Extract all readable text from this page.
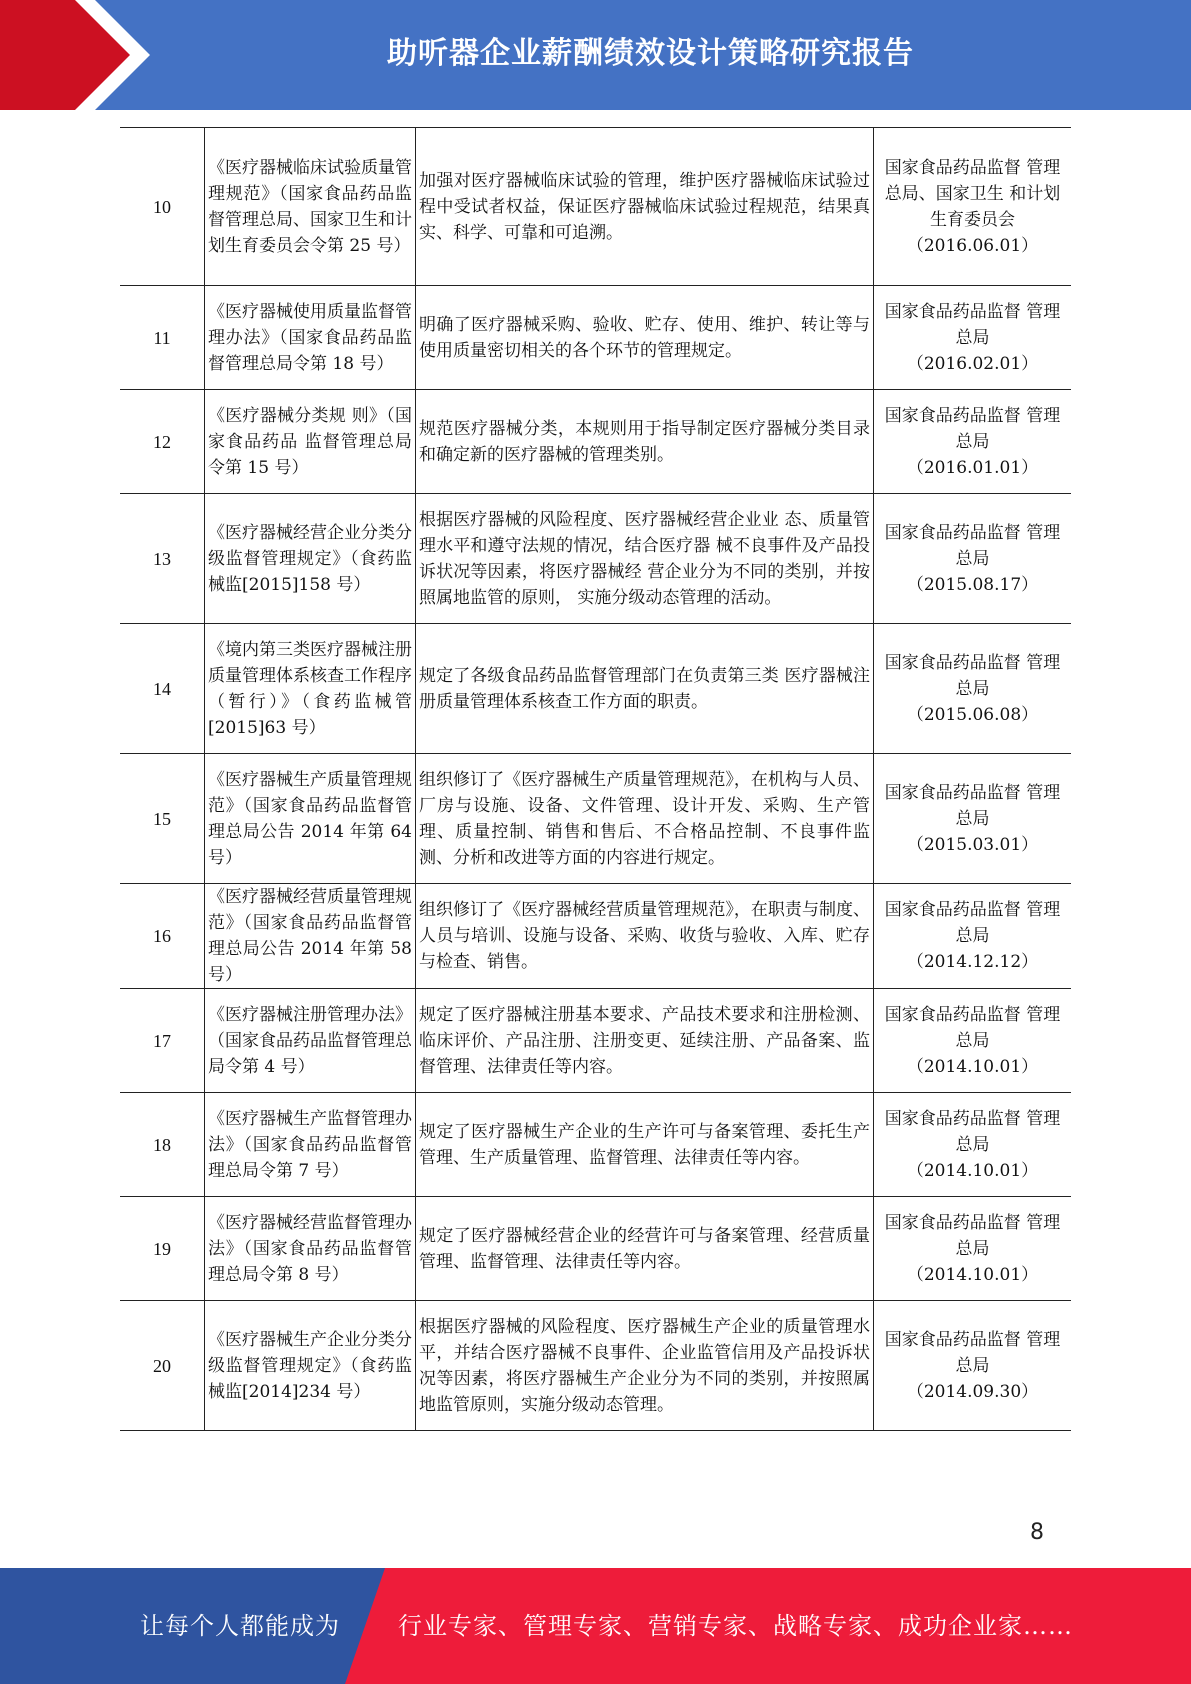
助听器企业薪酬绩效设计策略研究报告
10	《医疗器械临床试验质量管理规范》（国家食品药品监督管理总局、国家卫生和计划生育委员会令第 25 号）	加强对医疗器械临床试验的管理，维护医疗器械临床试验过程中受试者权益，保证医疗器械临床试验过程规范，结果真实、科学、可靠和可追溯。	国家食品药品监督 管理总局、国家卫生 和计划生育委员会
（2016.06.01）

11	《医疗器械使用质量监督管理办法》（国家食品药品监督管理总局令第 18 号）	明确了医疗器械采购、验收、贮存、使用、维护、转让等与使用质量密切相关的各个环节的管理规定。	国家食品药品监督 管理总局
（2016.02.01）

12	《医疗器械分类规 则》（国家食品药品 监督管理总局令第 15 号）	规范医疗器械分类，本规则用于指导制定医疗器械分类目录和确定新的医疗器械的管理类别。	国家食品药品监督 管理总局
（2016.01.01）

13	《医疗器械经营企业分类分级监督管理规定》（食药监械监[2015]158 号）	根据医疗器械的风险程度、医疗器械经营企业业 态、质量管理水平和遵守法规的情况，结合医疗器 械不良事件及产品投诉状况等因素，将医疗器械经 营企业分为不同的类别，并按照属地监管的原则， 实施分级动态管理的活动。	国家食品药品监督 管理总局
（2015.08.17）

14	《境内第三类医疗器械注册质量管理体系核查工作程序（暂行）》（食药监械管[2015]63 号）	规定了各级食品药品监督管理部门在负责第三类 医疗器械注册质量管理体系核查工作方面的职责。	国家食品药品监督 管理总局
（2015.06.08）

15	《医疗器械生产质量管理规范》（国家食品药品监督管理总局公告 2014 年第 64 号）	组织修订了《医疗器械生产质量管理规范》，在机构与人员、厂房与设施、设备、文件管理、设计开发、采购、生产管理、质量控制、销售和售后、不合格品控制、不良事件监测、分析和改进等方面的内容进行规定。	国家食品药品监督 管理总局
（2015.03.01）

16	《医疗器械经营质量管理规范》（国家食品药品监督管理总局公告 2014 年第 58 号）	组织修订了《医疗器械经营质量管理规范》，在职责与制度、人员与培训、设施与设备、采购、收货与验收、入库、贮存与检查、销售。	国家食品药品监督 管理总局
（2014.12.12）

17	《医疗器械注册管理办法》（国家食品药品监督管理总局令第 4 号）	规定了医疗器械注册基本要求、产品技术要求和注册检测、临床评价、产品注册、注册变更、延续注册、产品备案、监督管理、法律责任等内容。	国家食品药品监督 管理总局
（2014.10.01）

18	《医疗器械生产监督管理办法》（国家食品药品监督管理总局令第 7 号）	规定了医疗器械生产企业的生产许可与备案管理、委托生产管理、生产质量管理、监督管理、法律责任等内容。	国家食品药品监督 管理总局
（2014.10.01）

19	《医疗器械经营监督管理办法》（国家食品药品监督管理总局令第 8 号）	规定了医疗器械经营企业的经营许可与备案管理、经营质量管理、监督管理、法律责任等内容。	国家食品药品监督 管理总局
（2014.10.01）

20	《医疗器械生产企业分类分级监督管理规定》（食药监械监[2014]234 号）	根据医疗器械的风险程度、医疗器械生产企业的质量管理水平，并结合医疗器械不良事件、企业监管信用及产品投诉状况等因素，将医疗器械生产企业分为不同的类别，并按照属地监管原则，实施分级动态管理。	国家食品药品监督 管理总局
（2014.09.30）
8
让每个人都能成为 行业专家、管理专家、营销专家、战略专家、成功企业家……
